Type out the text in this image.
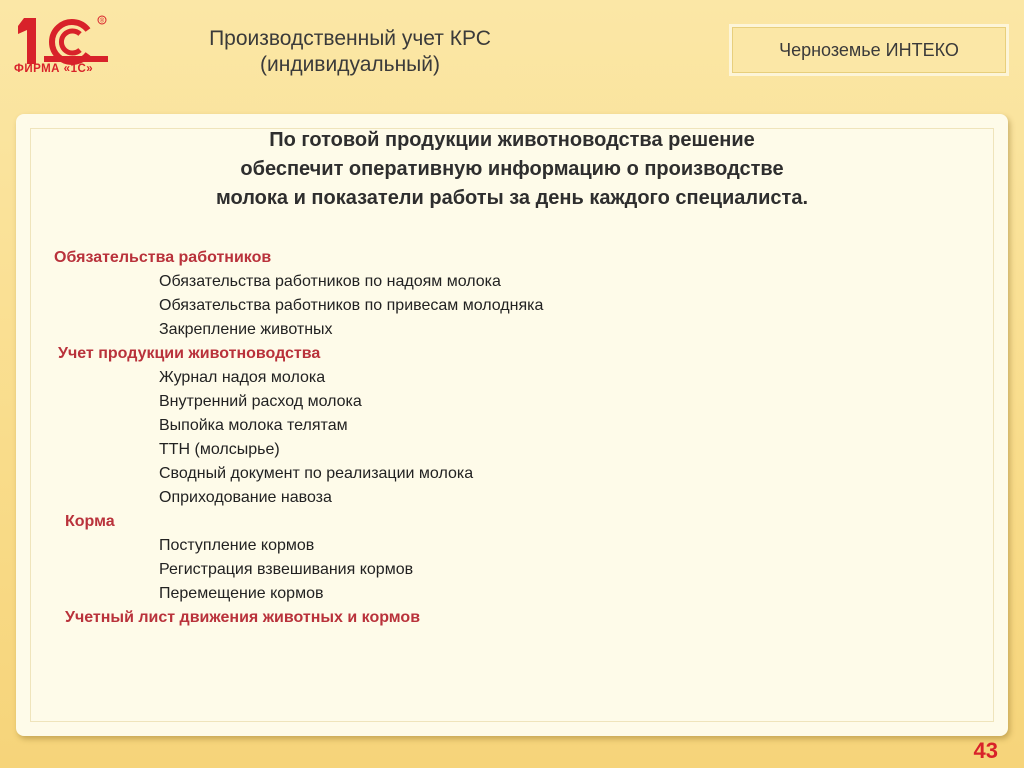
®
ФИРМА «1С»
Производственный учет КРС
(индивидуальный)
Черноземье ИНТЕКО
По готовой продукции животноводства решение
обеспечит оперативную информацию о производстве
молока и показатели работы за день каждого специалиста.
Обязательства работников
Обязательства работников по надоям молока
Обязательства работников по привесам молодняка
Закрепление животных
Учет продукции животноводства
Журнал надоя молока
Внутренний расход молока
Выпойка молока телятам
ТТН (молсырье)
Сводный документ по реализации молока
Оприходование навоза
Корма
Поступление кормов
Регистрация взвешивания кормов
Перемещение кормов
Учетный лист движения животных и кормов
43
